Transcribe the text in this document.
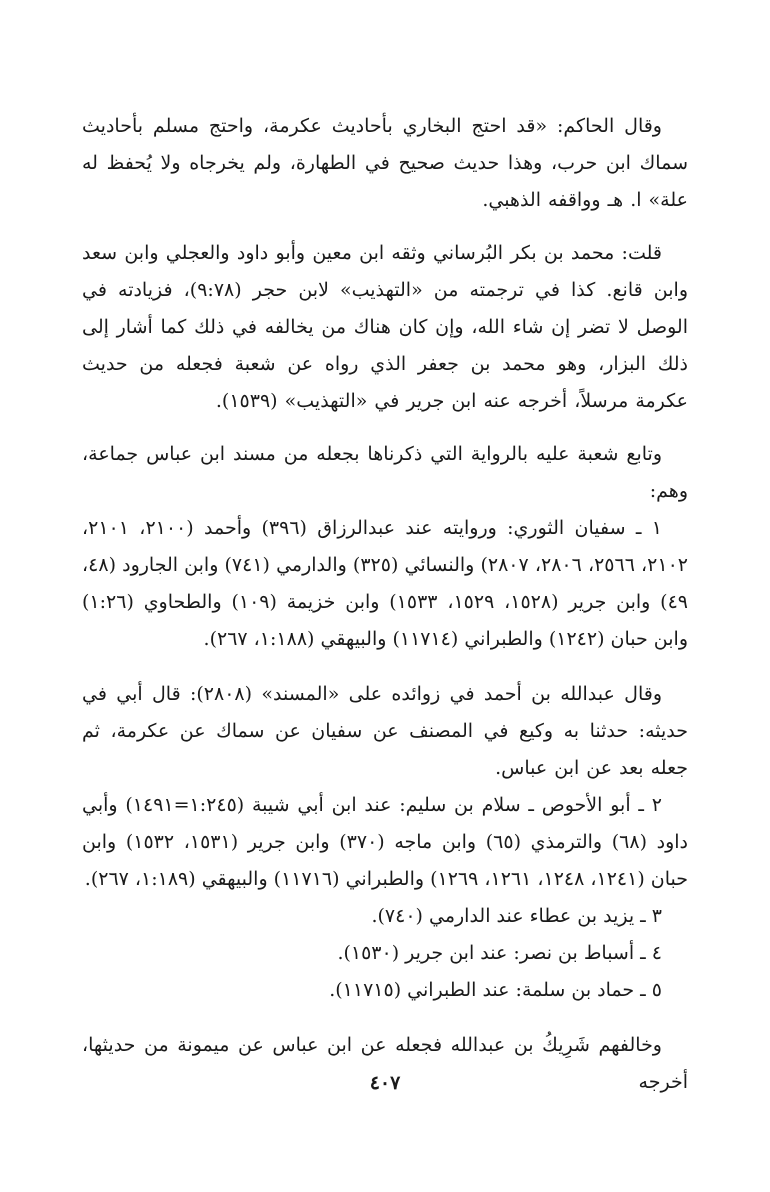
وقال الحاكم: «قد احتج البخاري بأحاديث عكرمة، واحتج مسلم بأحاديث سماك ابن حرب، وهذا حديث صحيح في الطهارة، ولم يخرجاه ولا يُحفظ له علة» ا. هـ وواقفه الذهبي.

قلت: محمد بن بكر البُرساني وثقه ابن معين وأبو داود والعجلي وابن سعد وابن قانع. كذا في ترجمته من «التهذيب» لابن حجر (٩:٧٨)، فزيادته في الوصل لا تضر إن شاء الله، وإن كان هناك من يخالفه في ذلك كما أشار إلى ذلك البزار، وهو محمد بن جعفر الذي رواه عن شعبة فجعله من حديث عكرمة مرسلاً، أخرجه عنه ابن جرير في «التهذيب» (١٥٣٩).

وتابع شعبة عليه بالرواية التي ذكرناها بجعله من مسند ابن عباس جماعة، وهم:

١ ـ سفيان الثوري: وروايته عند عبدالرزاق (٣٩٦) وأحمد (٢١٠٠، ٢١٠١، ٢١٠٢، ٢٥٦٦، ٢٨٠٦، ٢٨٠٧) والنسائي (٣٢٥) والدارمي (٧٤١) وابن الجارود (٤٨، ٤٩) وابن جرير (١٥٢٨، ١٥٢٩، ١٥٣٣) وابن خزيمة (١٠٩) والطحاوي (١:٢٦) وابن حبان (١٢٤٢) والطبراني (١١٧١٤) والبيهقي (١:١٨٨، ٢٦٧).

وقال عبدالله بن أحمد في زوائده على «المسند» (٢٨٠٨): قال أبي في حديثه: حدثنا به وكيع في المصنف عن سفيان عن سماك عن عكرمة، ثم جعله بعد عن ابن عباس.

٢ ـ أبو الأحوص ـ سلام بن سليم: عند ابن أبي شيبة (١:٢٤٥=١٤٩١) وأبي داود (٦٨) والترمذي (٦٥) وابن ماجه (٣٧٠) وابن جرير (١٥٣١، ١٥٣٢) وابن حبان (١٢٤١، ١٢٤٨، ١٢٦١، ١٢٦٩) والطبراني (١١٧١٦) والبيهقي (١:١٨٩، ٢٦٧).

٣ ـ يزيد بن عطاء عند الدارمي (٧٤٠).

٤ ـ أسباط بن نصر: عند ابن جرير (١٥٣٠).

٥ ـ حماد بن سلمة: عند الطبراني (١١٧١٥).

وخالفهم شَرِيكُ بن عبدالله فجعله عن ابن عباس عن ميمونة من حديثها، أخرجه

٤٠٧
